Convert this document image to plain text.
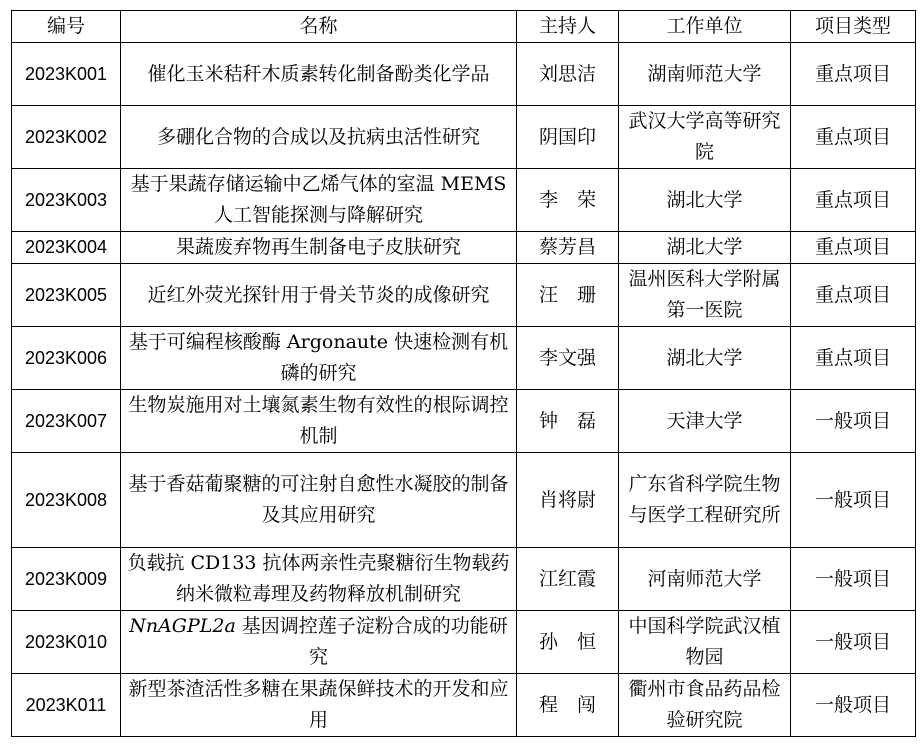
编号	名称	主持人	工作单位	项目类型
2023K001	催化玉米秸秆木质素转化制备酚类化学品	刘思洁	湖南师范大学	重点项目
2023K002	多硼化合物的合成以及抗病虫活性研究	阴国印	武汉大学高等研究院	重点项目
2023K003	基于果蔬存储运输中乙烯气体的室温 MEMS 人工智能探测与降解研究	李　荣	湖北大学	重点项目
2023K004	果蔬废弃物再生制备电子皮肤研究	蔡芳昌	湖北大学	重点项目
2023K005	近红外荧光探针用于骨关节炎的成像研究	汪　珊	温州医科大学附属第一医院	重点项目
2023K006	基于可编程核酸酶 Argonaute 快速检测有机磷的研究	李文强	湖北大学	重点项目
2023K007	生物炭施用对土壤氮素生物有效性的根际调控机制	钟　磊	天津大学	一般项目
2023K008	基于香菇葡聚糖的可注射自愈性水凝胶的制备及其应用研究	肖将尉	广东省科学院生物与医学工程研究所	一般项目
2023K009	负载抗 CD133 抗体两亲性壳聚糖衍生物载药纳米微粒毒理及药物释放机制研究	江红霞	河南师范大学	一般项目
2023K010	NnAGPL2a 基因调控莲子淀粉合成的功能研究	孙　恒	中国科学院武汉植物园	一般项目
2023K011	新型茶渣活性多糖在果蔬保鲜技术的开发和应用	程　闯	衢州市食品药品检验研究院	一般项目
